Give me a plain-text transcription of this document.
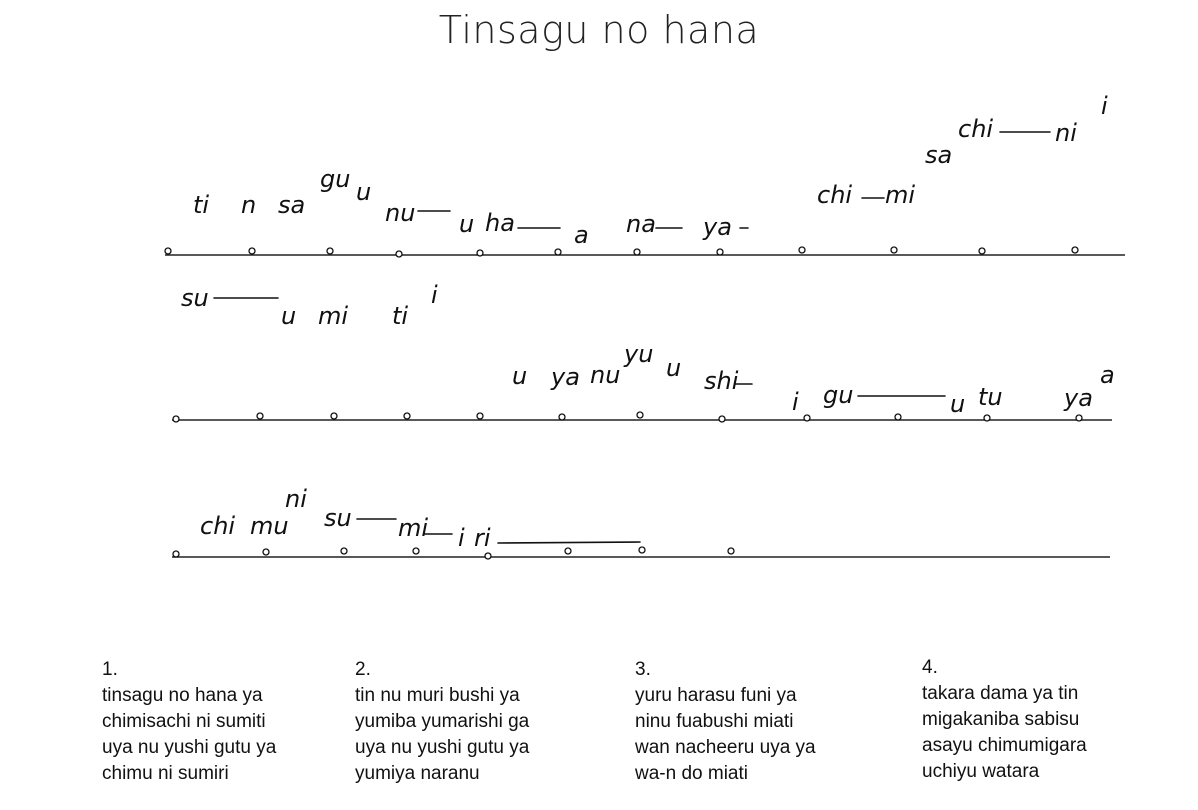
Tinsagu no hana
ti n sa
gu u
nu u ha a na ya
chi mi
sa
chi	ni
i
su
u mi ti
i
u ya nu
yu u shi
i gu	u tu	ya
a
chi mu
ni
su mi i ri
1.
tinsagu no hana ya
chimisachi ni sumiti
uya nu yushi gutu ya
chimu ni sumiri
2.
tin nu muri bushi ya
yumiba yumarishi ga
uya nu yushi gutu ya
yumiya naranu
3.
yuru harasu funi ya
ninu fuabushi miati
wan nacheeru uya ya
wa-n do miati
4.
takara dama ya tin
migakaniba sabisu
asayu chimumigara
uchiyu watara
